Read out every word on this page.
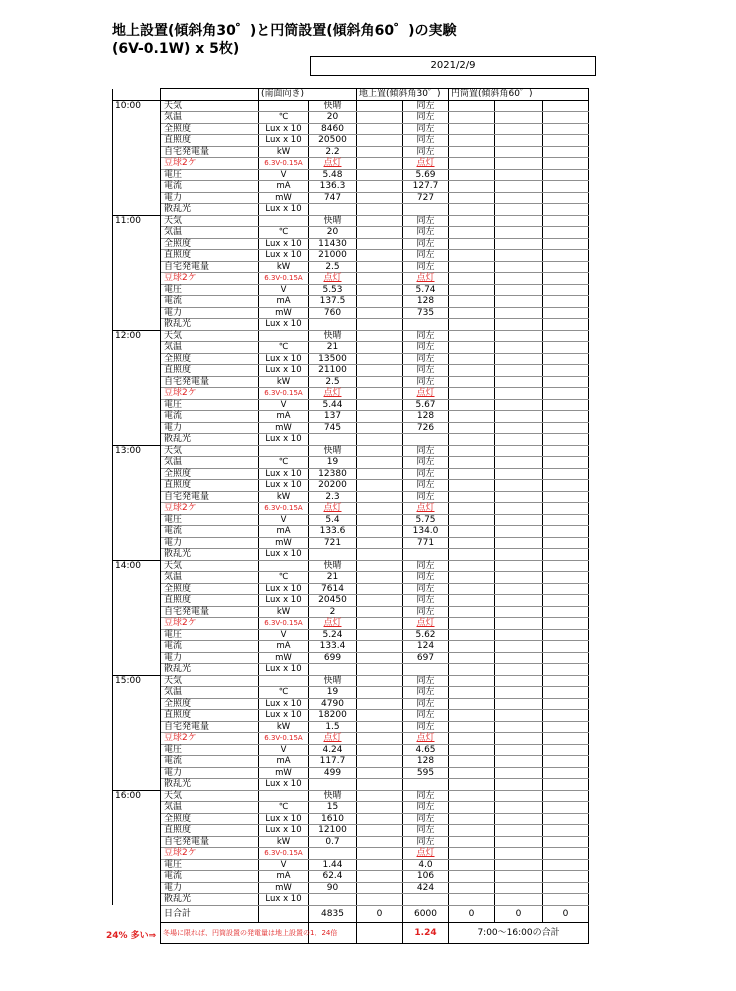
地上設置(傾斜角30゜)と円筒設置(傾斜角60゜)の実験
(6V-0.1W) x 5枚)
2021/2/9
		(南面向き)		地上置(傾斜角30゜)		円筒置(傾斜角60゜)		
10:00	天気		快晴		同左			
	気温	℃	20		同左			
	全照度	Lux x 10	8460		同左			
	直照度	Lux x 10	20500		同左			
	自宅発電量	kW	2.2		同左			
	豆球2ケ	6.3V-0.15A	点灯		点灯			
	電圧	V	5.48		5.69			
	電流	mA	136.3		127.7			
	電力	mW	747		727			
	散乱光	Lux x 10						
11:00	天気		快晴		同左			
	気温	℃	20		同左			
	全照度	Lux x 10	11430		同左			
	直照度	Lux x 10	21000		同左			
	自宅発電量	kW	2.5		同左			
	豆球2ケ	6.3V-0.15A	点灯		点灯			
	電圧	V	5.53		5.74			
	電流	mA	137.5		128			
	電力	mW	760		735			
	散乱光	Lux x 10						
12:00	天気		快晴		同左			
	気温	℃	21		同左			
	全照度	Lux x 10	13500		同左			
	直照度	Lux x 10	21100		同左			
	自宅発電量	kW	2.5		同左			
	豆球2ケ	6.3V-0.15A	点灯		点灯			
	電圧	V	5.44		5.67			
	電流	mA	137		128			
	電力	mW	745		726			
	散乱光	Lux x 10						
13:00	天気		快晴		同左			
	気温	℃	19		同左			
	全照度	Lux x 10	12380		同左			
	直照度	Lux x 10	20200		同左			
	自宅発電量	kW	2.3		同左			
	豆球2ケ	6.3V-0.15A	点灯		点灯			
	電圧	V	5.4		5.75			
	電流	mA	133.6		134.0			
	電力	mW	721		771			
	散乱光	Lux x 10						
14:00	天気		快晴		同左			
	気温	℃	21		同左			
	全照度	Lux x 10	7614		同左			
	直照度	Lux x 10	20450		同左			
	自宅発電量	kW	2		同左			
	豆球2ケ	6.3V-0.15A	点灯		点灯			
	電圧	V	5.24		5.62			
	電流	mA	133.4		124			
	電力	mW	699		697			
	散乱光	Lux x 10						
15:00	天気		快晴		同左			
	気温	℃	19		同左			
	全照度	Lux x 10	4790		同左			
	直照度	Lux x 10	18200		同左			
	自宅発電量	kW	1.5		同左			
	豆球2ケ	6.3V-0.15A	点灯		点灯			
	電圧	V	4.24		4.65			
	電流	mA	117.7		128			
	電力	mW	499		595			
	散乱光	Lux x 10						
16:00	天気		快晴		同左			
	気温	℃	15		同左			
	全照度	Lux x 10	1610		同左			
	直照度	Lux x 10	12100		同左			
	自宅発電量	kW	0.7		同左			
	豆球2ケ	6.3V-0.15A			点灯			
	電圧	V	1.44		4.0			
	電流	mA	62.4		106			
	電力	mW	90		424			
	散乱光	Lux x 10						
	日合計		4835	0	6000	0	0	0
	冬場に限れば、円筒設置の発電量は地上設置の1．24倍				1.24	7:00～16:00の合計		
24% 多い⇒
